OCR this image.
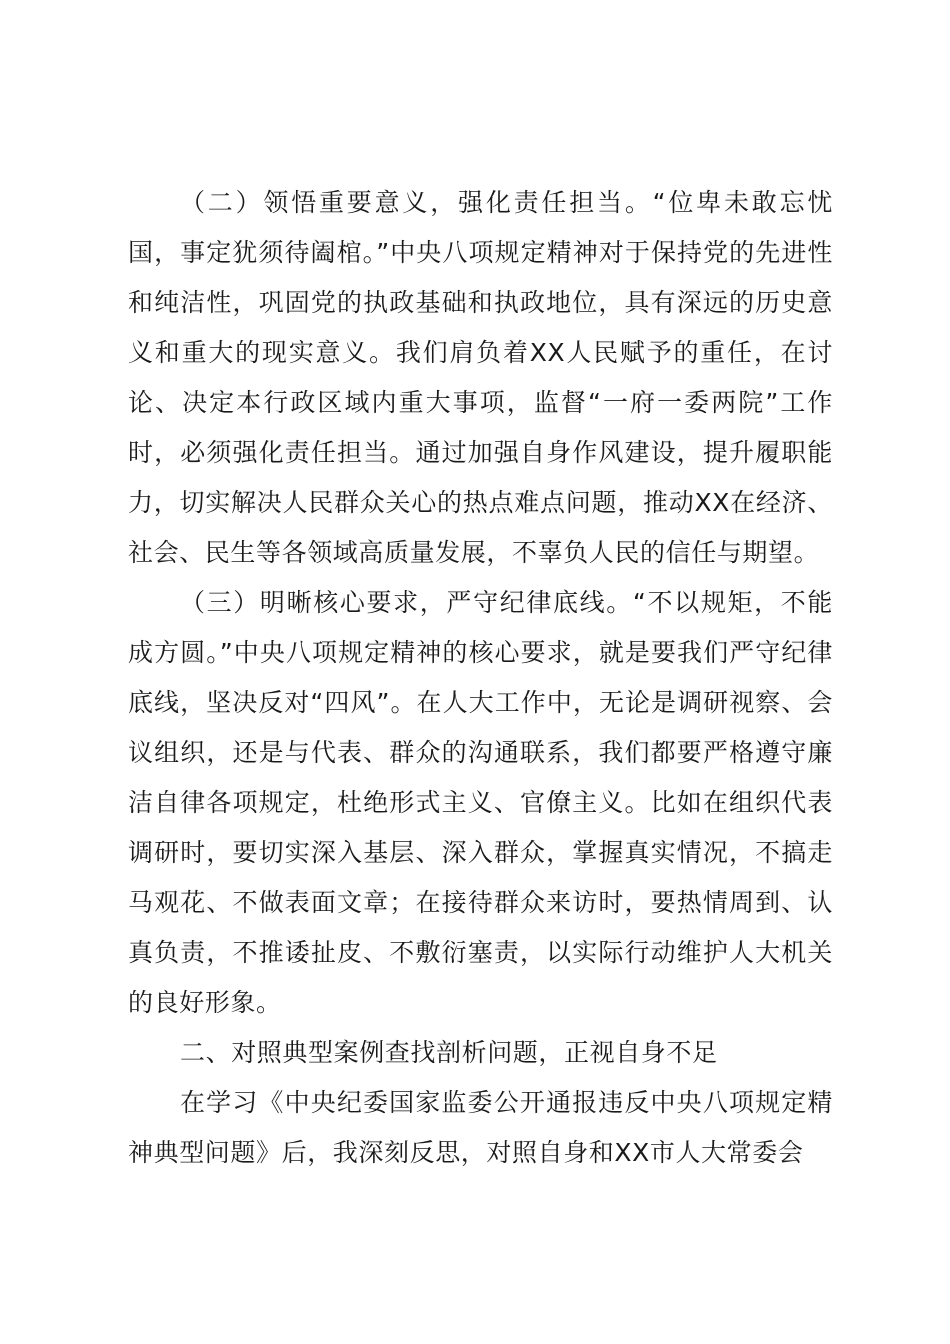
（二）领悟重要意义，强化责任担当。“位卑未敢忘忧国，事定犹须待阖棺。”中央八项规定精神对于保持党的先进性和纯洁性，巩固党的执政基础和执政地位，具有深远的历史意义和重大的现实意义。我们肩负着XX人民赋予的重任，在讨论、决定本行政区域内重大事项，监督“一府一委两院”工作时，必须强化责任担当。通过加强自身作风建设，提升履职能力，切实解决人民群众关心的热点难点问题，推动XX在经济、社会、民生等各领域高质量发展，不辜负人民的信任与期望。

（三）明晰核心要求，严守纪律底线。“不以规矩，不能成方圆。”中央八项规定精神的核心要求，就是要我们严守纪律底线，坚决反对“四风”。在人大工作中，无论是调研视察、会议组织，还是与代表、群众的沟通联系，我们都要严格遵守廉洁自律各项规定，杜绝形式主义、官僚主义。比如在组织代表调研时，要切实深入基层、深入群众，掌握真实情况，不搞走马观花、不做表面文章；在接待群众来访时，要热情周到、认真负责，不推诿扯皮、不敷衍塞责，以实际行动维护人大机关的良好形象。

二、对照典型案例查找剖析问题，正视自身不足

在学习《中央纪委国家监委公开通报违反中央八项规定精神典型问题》后，我深刻反思，对照自身和XX市人大常委会
